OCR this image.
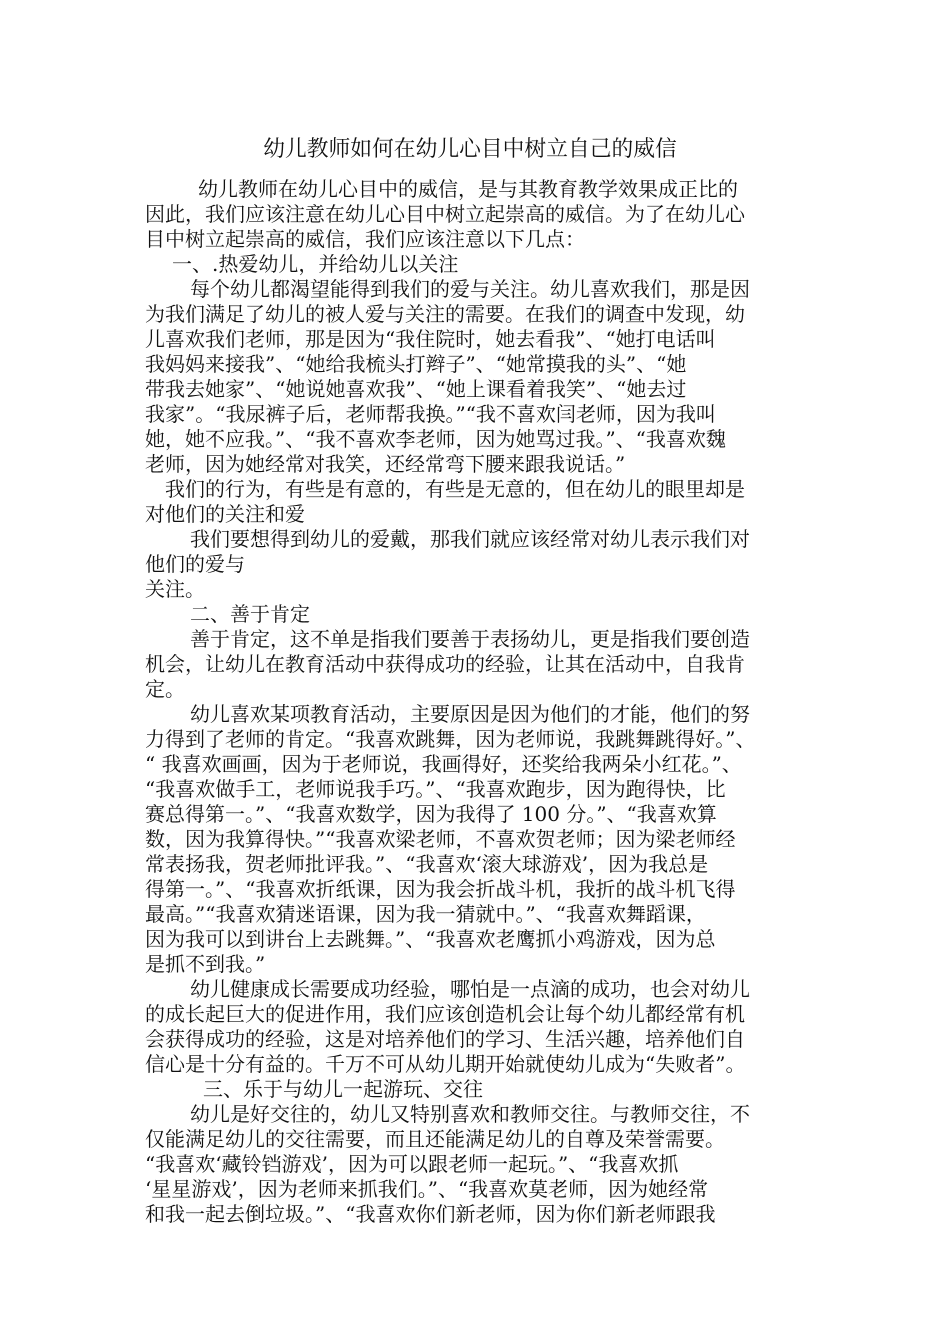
幼儿教师如何在幼儿心目中树立自己的威信
幼儿教师在幼儿心目中的威信，是与其教育教学效果成正比的
因此，我们应该注意在幼儿心目中树立起崇高的威信。为了在幼儿心
目中树立起崇高的威信，我们应该注意以下几点：
一、.热爱幼儿，并给幼儿以关注
每个幼儿都渴望能得到我们的爱与关注。幼儿喜欢我们，那是因
为我们满足了幼儿的被人爱与关注的需要。在我们的调查中发现，幼
儿喜欢我们老师，那是因为“我住院时，她去看我”、“她打电话叫
我妈妈来接我”、“她给我梳头打辫子”、“她常摸我的头”、“她
带我去她家”、“她说她喜欢我”、“她上课看着我笑”、“她去过
我家”。“我尿裤子后，老师帮我换。”“我不喜欢闫老师，因为我叫
她，她不应我。”、“我不喜欢李老师，因为她骂过我。”、“我喜欢魏
老师，因为她经常对我笑，还经常弯下腰来跟我说话。”
我们的行为，有些是有意的，有些是无意的，但在幼儿的眼里却是
对他们的关注和爱
我们要想得到幼儿的爱戴，那我们就应该经常对幼儿表示我们对
他们的爱与
关注。
二、善于肯定
善于肯定，这不单是指我们要善于表扬幼儿，更是指我们要创造
机会，让幼儿在教育活动中获得成功的经验，让其在活动中，自我肯
定。
幼儿喜欢某项教育活动，主要原因是因为他们的才能，他们的努
力得到了老师的肯定。“我喜欢跳舞，因为老师说，我跳舞跳得好。”、
“ 我喜欢画画，因为于老师说，我画得好，还奖给我两朵小红花。”、
“我喜欢做手工，老师说我手巧。”、“我喜欢跑步，因为跑得快，比
赛总得第一。”、“我喜欢数学，因为我得了 100 分。”、“我喜欢算
数，因为我算得快。”“我喜欢梁老师，不喜欢贺老师；因为梁老师经
常表扬我，贺老师批评我。”、“我喜欢‘滚大球游戏’，因为我总是
得第一。”、“我喜欢折纸课，因为我会折战斗机，我折的战斗机飞得
最高。”“我喜欢猜迷语课，因为我一猜就中。”、“我喜欢舞蹈课，
因为我可以到讲台上去跳舞。”、“我喜欢老鹰抓小鸡游戏，因为总
是抓不到我。”
幼儿健康成长需要成功经验，哪怕是一点滴的成功，也会对幼儿
的成长起巨大的促进作用，我们应该创造机会让每个幼儿都经常有机
会获得成功的经验，这是对培养他们的学习、生活兴趣，培养他们自
信心是十分有益的。千万不可从幼儿期开始就使幼儿成为“失败者”。
三、乐于与幼儿一起游玩、交往
幼儿是好交往的，幼儿又特别喜欢和教师交往。与教师交往，不
仅能满足幼儿的交往需要，而且还能满足幼儿的自尊及荣誉需要。
“我喜欢‘藏铃铛游戏’，因为可以跟老师一起玩。”、“我喜欢抓
‘星星游戏’，因为老师来抓我们。”、“我喜欢莫老师，因为她经常
和我一起去倒垃圾。”、“我喜欢你们新老师，因为你们新老师跟我
